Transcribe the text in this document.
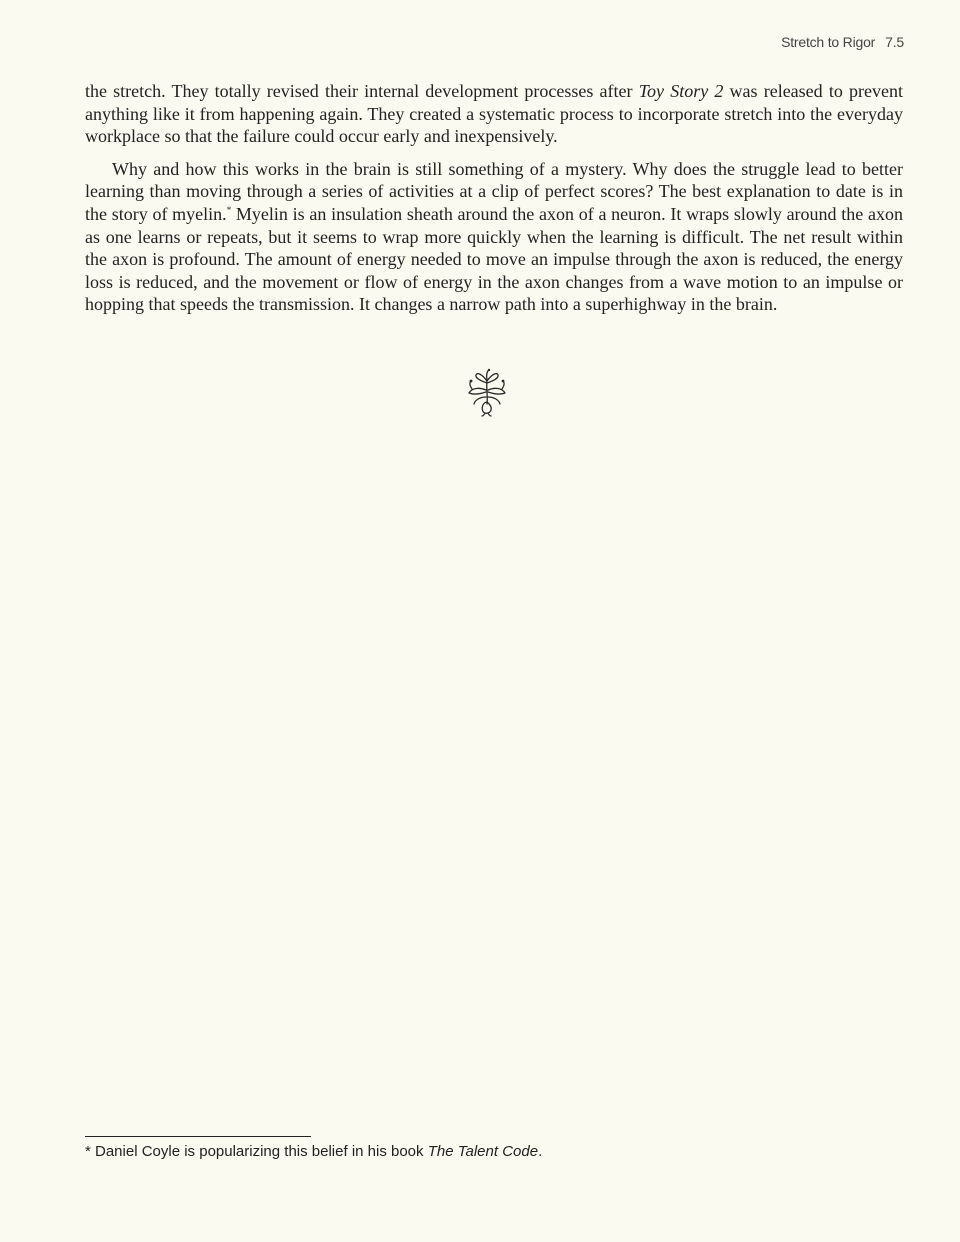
Stretch to Rigor 7.5

the stretch. They totally revised their internal development processes after Toy Story 2 was released to prevent anything like it from happening again. They created a systematic process to incorporate stretch into the everyday workplace so that the failure could occur early and inexpensively.

Why and how this works in the brain is still something of a mystery. Why does the struggle lead to better learning than moving through a series of activities at a clip of perfect scores? The best explanation to date is in the story of myelin.* Myelin is an insulation sheath around the axon of a neuron. It wraps slowly around the axon as one learns or repeats, but it seems to wrap more quickly when the learning is difficult. The net result within the axon is profound. The amount of energy needed to move an impulse through the axon is reduced, the energy loss is reduced, and the movement or flow of energy in the axon changes from a wave motion to an impulse or hopping that speeds the transmission. It changes a narrow path into a superhighway in the brain.

* Daniel Coyle is popularizing this belief in his book The Talent Code.
